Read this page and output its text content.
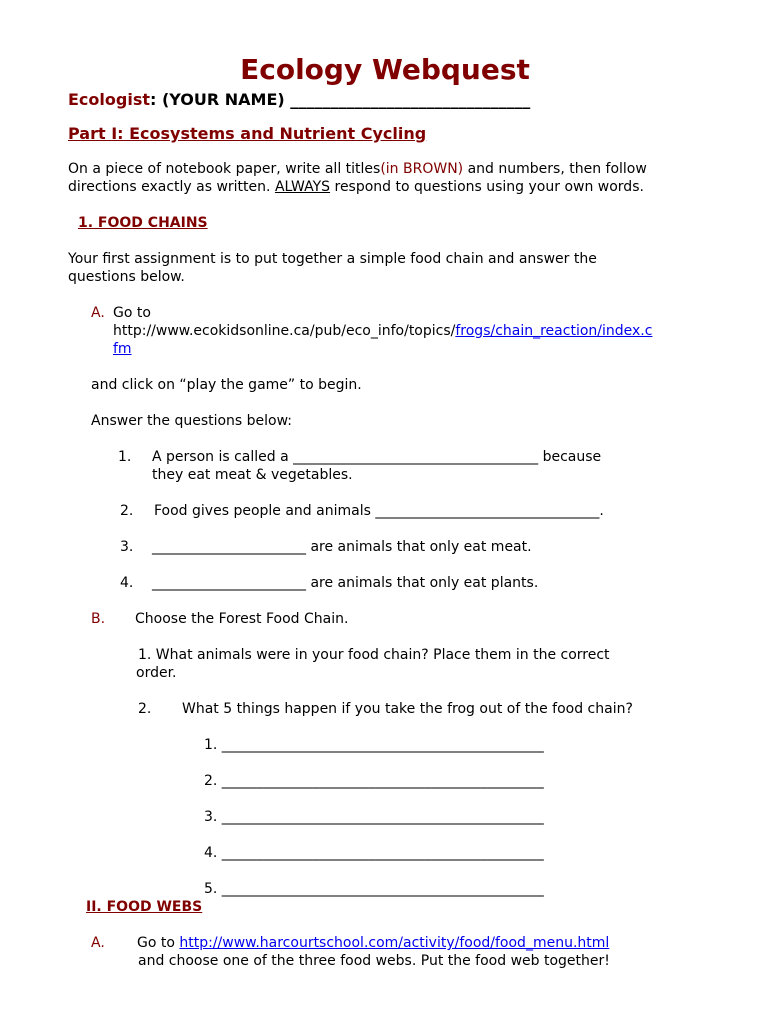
Ecology Webquest
Ecologist: (YOUR NAME) ______________________________
Part I: Ecosystems and Nutrient Cycling
On a piece of notebook paper, write all titles(in BROWN) and numbers, then follow
directions exactly as written. ALWAYS respond to questions using your own words.
1. FOOD CHAINS
Your first assignment is to put together a simple food chain and answer the
questions below.
A. Go to
http://www.ecokidsonline.ca/pub/eco_info/topics/frogs/chain_reaction/index.c
fm
and click on “play the game” to begin.
Answer the questions below:
1. A person is called a ___________________________________ because
they eat meat & vegetables.
2. Food gives people and animals ________________________________.
3. ______________________ are animals that only eat meat.
4. ______________________ are animals that only eat plants.
B. Choose the Forest Food Chain.
1. What animals were in your food chain? Place them in the correct
order.
2. What 5 things happen if you take the frog out of the food chain?
1. ______________________________________________
2. ______________________________________________
3. ______________________________________________
4. ______________________________________________
5. ______________________________________________
II. FOOD WEBS
A. Go to http://www.harcourtschool.com/activity/food/food_menu.html
and choose one of the three food webs. Put the food web together!
